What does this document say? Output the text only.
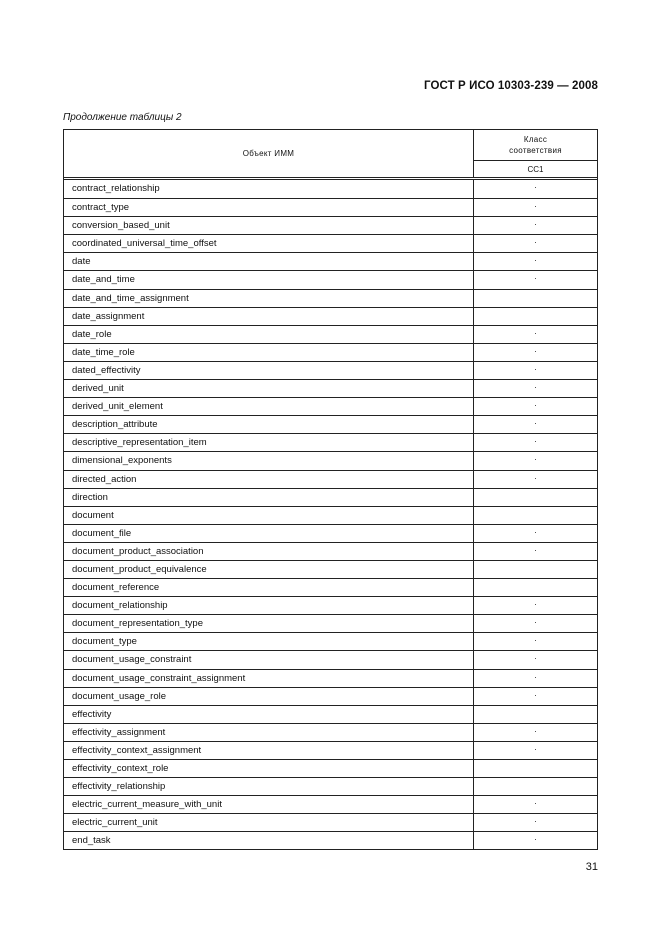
ГОСТ Р ИСО 10303-239 — 2008
Продолжение таблицы 2
Объект ИММ
Класс
соответствия
CC1
contract_relationship	·
contract_type	·
conversion_based_unit	·
coordinated_universal_time_offset	·
date	·
date_and_time	·
date_and_time_assignment
date_assignment
date_role	·
date_time_role	·
dated_effectivity	·
derived_unit	·
derived_unit_element	·
description_attribute	·
descriptive_representation_item	·
dimensional_exponents	·
directed_action	·
direction
document
document_file	·
document_product_association	·
document_product_equivalence
document_reference
document_relationship	·
document_representation_type	·
document_type	·
document_usage_constraint	·
document_usage_constraint_assignment	·
document_usage_role	·
effectivity
effectivity_assignment	·
effectivity_context_assignment	·
effectivity_context_role
effectivity_relationship
electric_current_measure_with_unit	·
electric_current_unit	·
end_task	·
31
